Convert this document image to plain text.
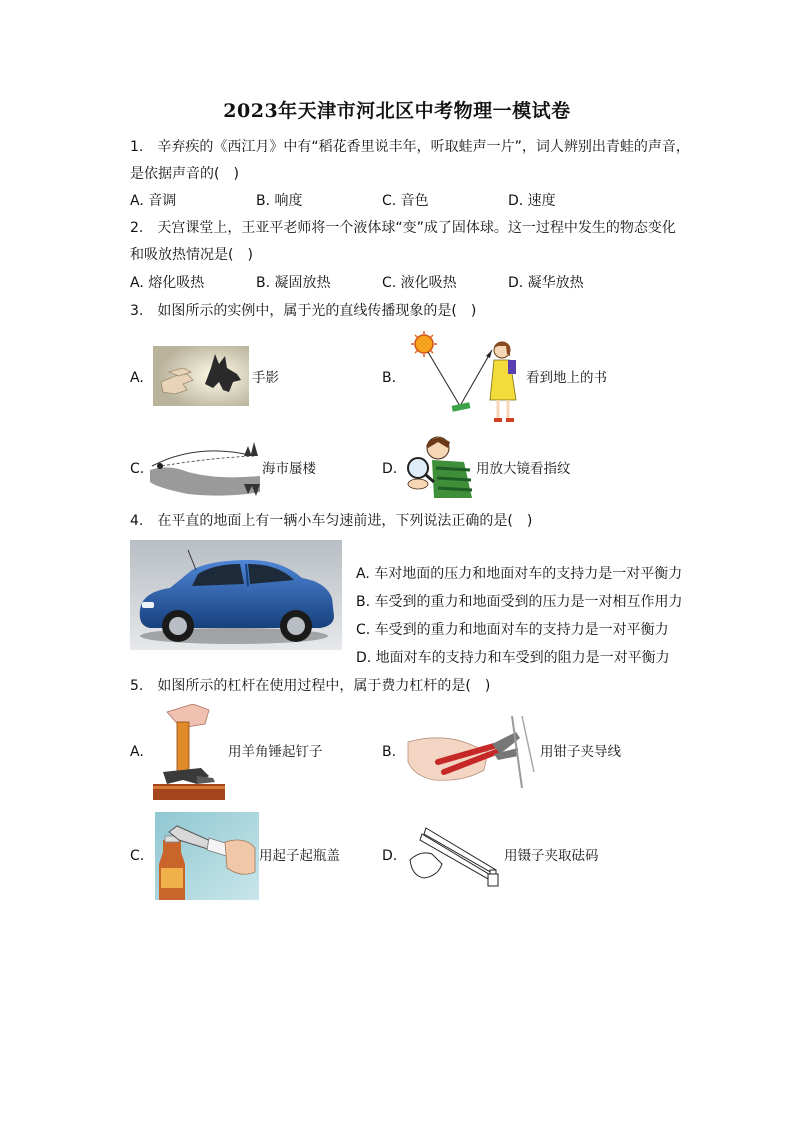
2023年天津市河北区中考物理一模试卷
1.　辛弃疾的《西江月》中有“稻花香里说丰年，听取蛙声一片”，词人辨别出青蛙的声音，
是依据声音的(　)
A. 音调	B. 响度	C. 音色	D. 速度
2.　天宫课堂上，王亚平老师将一个液体球“变”成了固体球。这一过程中发生的物态变化
和吸放热情况是(　)
A. 熔化吸热	B. 凝固放热	C. 液化吸热	D. 凝华放热
3.　如图所示的实例中，属于光的直线传播现象的是(　)
A.	手影	B.	看到地上的书
C.	海市蜃楼	D.	用放大镜看指纹
4.　在平直的地面上有一辆小车匀速前进，下列说法正确的是(　)
A. 车对地面的压力和地面对车的支持力是一对平衡力
B. 车受到的重力和地面受到的压力是一对相互作用力
C. 车受到的重力和地面对车的支持力是一对平衡力
D. 地面对车的支持力和车受到的阻力是一对平衡力
5.　如图所示的杠杆在使用过程中，属于费力杠杆的是(　)
A.	用羊角锤起钉子	B.	用钳子夹导线
C.	用起子起瓶盖	D.	用镊子夹取砝码
